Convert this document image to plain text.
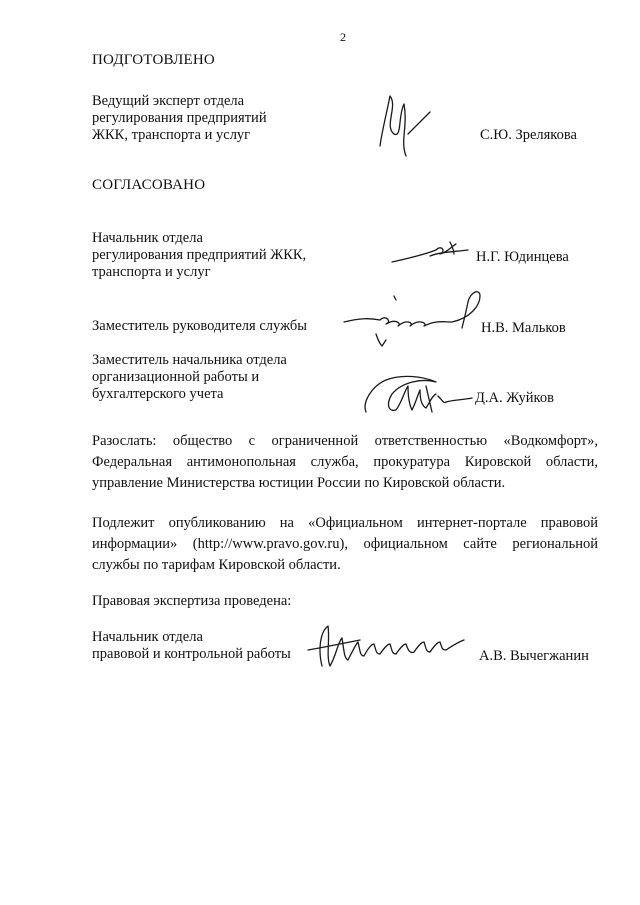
2
ПОДГОТОВЛЕНО
Ведущий эксперт отдела
регулирования предприятий
ЖКК, транспорта и услуг	С.Ю. Зрелякова
СОГЛАСОВАНО
Начальник отдела
регулирования предприятий ЖКК,
транспорта и услуг
Н.Г. Юдинцева
Заместитель руководителя службы	Н.В. Мальков
Заместитель начальника отдела
организационной работы и
бухгалтерского учета	Д.А. Жуйков
Разослать: общество с ограниченной ответственностью «Водкомфорт», Федеральная антимонопольная служба, прокуратура Кировской области, управление Министерства юстиции России по Кировской области.
Подлежит опубликованию на «Официальном интернет-портале правовой информации» (http://www.pravo.gov.ru), официальном сайте региональной службы по тарифам Кировской области.
Правовая экспертиза проведена:
Начальник отдела
правовой и контрольной работы	А.В. Вычегжанин
